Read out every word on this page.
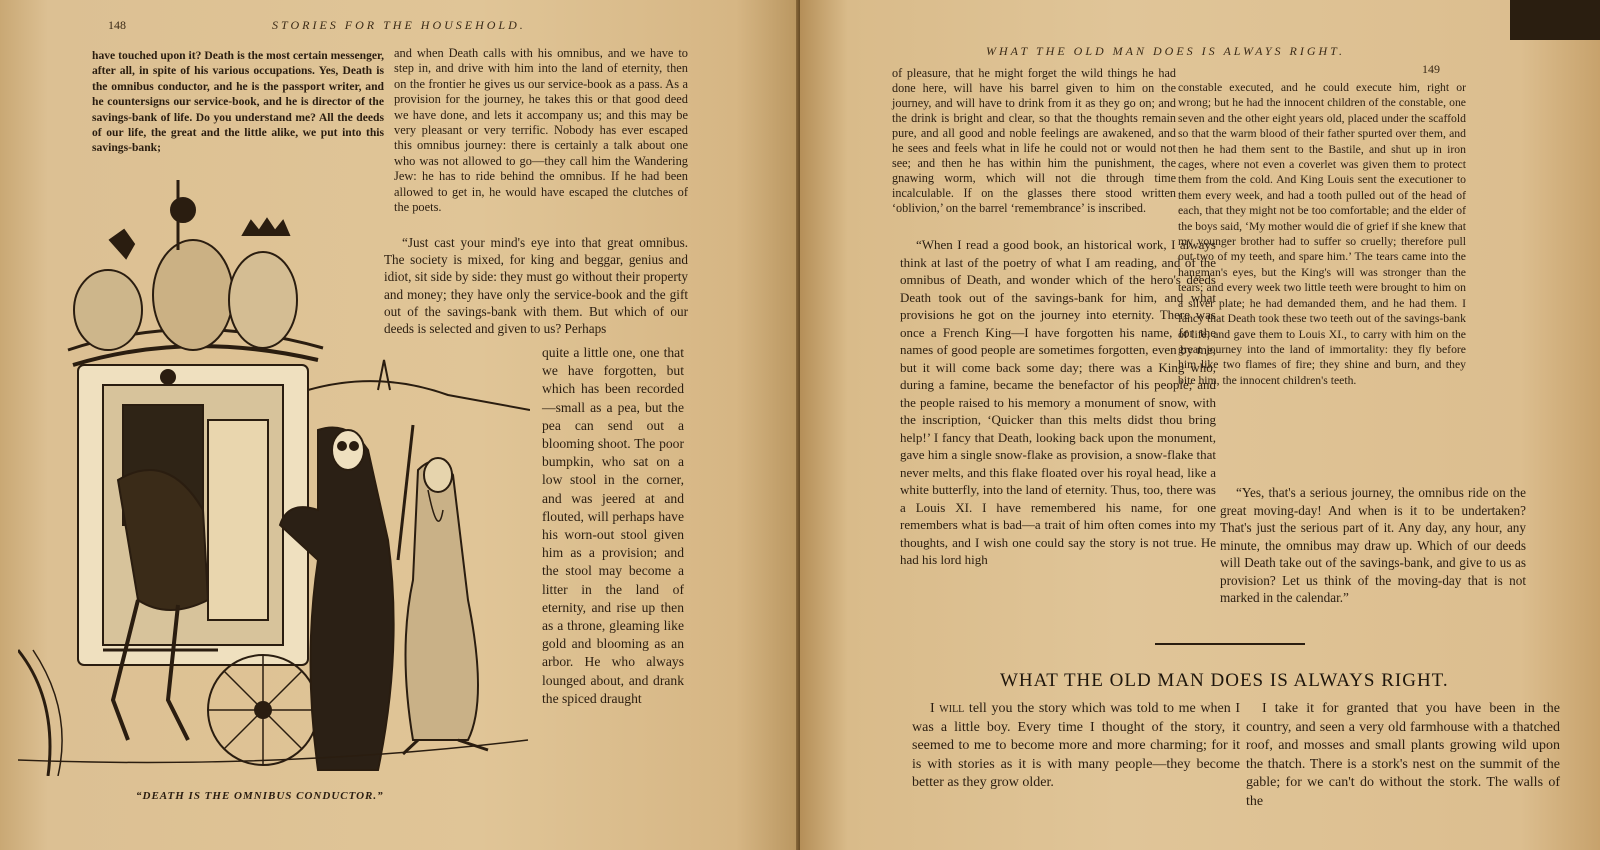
148	STORIES FOR THE HOUSEHOLD.
have touched upon it? Death is the most certain messenger, after all, in spite of his various occupations. Yes, Death is the omnibus conductor, and he is the passport writer, and he countersigns our service-book, and he is director of the savings-bank of life. Do you understand me? All the deeds of our life, the great and the little alike, we put into this savings-bank;
and when Death calls with his omnibus, and we have to step in, and drive with him into the land of eternity, then on the frontier he gives us our service-book as a pass. As a provision for the journey, he takes this or that good deed we have done, and lets it accompany us; and this may be very pleasant or very terrific. Nobody has ever escaped this omnibus journey: there is certainly a talk about one who was not allowed to go—they call him the Wandering Jew: he has to ride behind the omnibus. If he had been allowed to get in, he would have escaped the clutches of the poets.
“Just cast your mind's eye into that great omnibus. The society is mixed, for king and beggar, genius and idiot, sit side by side: they must go without their property and money; they have only the service-book and the gift out of the savings-bank with them. But which of our deeds is selected and given to us? Perhaps
quite a little one, one that we have forgotten, but which has been recorded —small as a pea, but the pea can send out a blooming shoot. The poor bumpkin, who sat on a low stool in the corner, and was jeered at and flouted, will perhaps have his worn-out stool given him as a provision; and the stool may become a litter in the land of eternity, and rise up then as a throne, gleaming like gold and blooming as an arbor. He who always lounged about, and drank the spiced draught
“DEATH IS THE OMNIBUS CONDUCTOR.”
WHAT THE OLD MAN DOES IS ALWAYS RIGHT.
149
of pleasure, that he might forget the wild things he had done here, will have his barrel given to him on the journey, and will have to drink from it as they go on; and the drink is bright and clear, so that the thoughts remain pure, and all good and noble feelings are awakened, and he sees and feels what in life he could not or would not see; and then he has within him the punishment, the gnawing worm, which will not die through time incalculable. If on the glasses there stood written ‘oblivion,’ on the barrel ‘remembrance’ is inscribed.
“When I read a good book, an historical work, I always think at last of the poetry of what I am reading, and of the omnibus of Death, and wonder which of the hero's deeds Death took out of the savings-bank for him, and what provisions he got on the journey into eternity. There was once a French King—I have forgotten his name, for the names of good people are sometimes forgotten, even by me, but it will come back some day; there was a King who, during a famine, became the benefactor of his people; and the people raised to his memory a monument of snow, with the inscription, ‘Quicker than this melts didst thou bring help!’ I fancy that Death, looking back upon the monument, gave him a single snow-flake as provision, a snow-flake that never melts, and this flake floated over his royal head, like a white butterfly, into the land of eternity. Thus, too, there was a Louis XI. I have remembered his name, for one remembers what is bad—a trait of him often comes into my thoughts, and I wish one could say the story is not true. He had his lord high
constable executed, and he could execute him, right or wrong; but he had the innocent children of the constable, one seven and the other eight years old, placed under the scaffold so that the warm blood of their father spurted over them, and then he had them sent to the Bastile, and shut up in iron cages, where not even a coverlet was given them to protect them from the cold. And King Louis sent the executioner to them every week, and had a tooth pulled out of the head of each, that they might not be too comfortable; and the elder of the boys said, ‘My mother would die of grief if she knew that my younger brother had to suffer so cruelly; therefore pull out two of my teeth, and spare him.’ The tears came into the hangman's eyes, but the King's will was stronger than the tears; and every week two little teeth were brought to him on a silver plate; he had demanded them, and he had them. I fancy that Death took these two teeth out of the savings-bank of life, and gave them to Louis XI., to carry with him on the great journey into the land of immortality: they fly before him like two flames of fire; they shine and burn, and they bite him, the innocent children's teeth.
“Yes, that's a serious journey, the omnibus ride on the great moving-day! And when is it to be undertaken? That's just the serious part of it. Any day, any hour, any minute, the omnibus may draw up. Which of our deeds will Death take out of the savings-bank, and give to us as provision? Let us think of the moving-day that is not marked in the calendar.”
WHAT THE OLD MAN DOES IS ALWAYS RIGHT.
I will tell you the story which was told to me when I was a little boy. Every time I thought of the story, it seemed to me to become more and more charming; for it is with stories as it is with many people—they become better as they grow older.
I take it for granted that you have been in the country, and seen a very old farmhouse with a thatched roof, and mosses and small plants growing wild upon the thatch. There is a stork's nest on the summit of the gable; for we can't do without the stork. The walls of the
